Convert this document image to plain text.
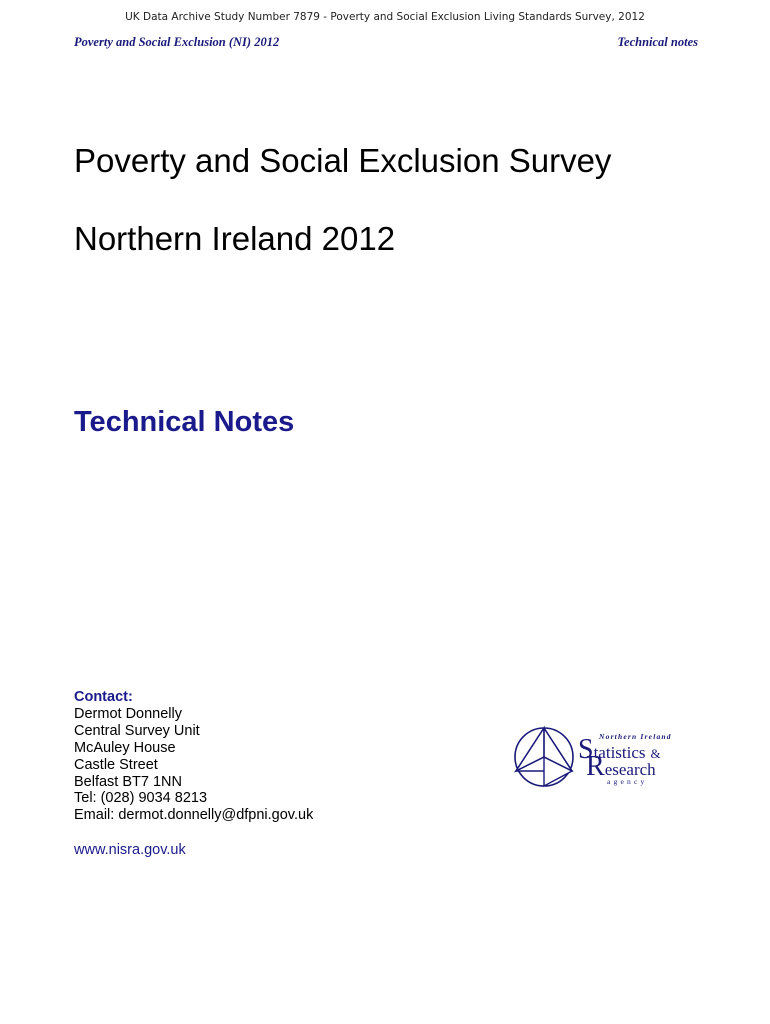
UK Data Archive Study Number 7879 - Poverty and Social Exclusion Living Standards Survey, 2012
Poverty and Social Exclusion (NI) 2012	Technical notes
Poverty and Social Exclusion Survey
Northern Ireland 2012
Technical Notes
Contact:
Dermot Donnelly
Central Survey Unit
McAuley House
Castle Street
Belfast BT7 1NN
Tel: (028) 9034 8213
Email: dermot.donnelly@dfpni.gov.uk
www.nisra.gov.uk
Northern Ireland
Statistics &
Research
agency
